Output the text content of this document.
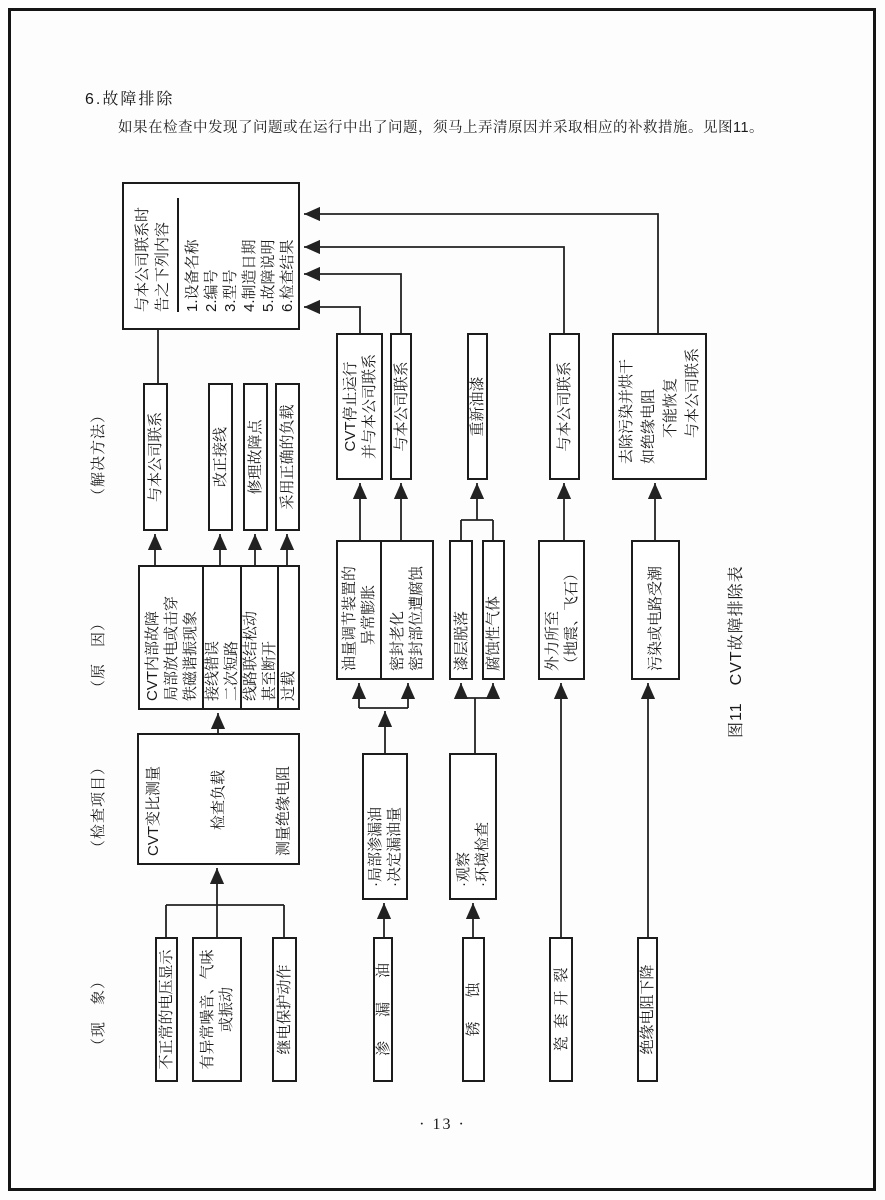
6.故障排除
如果在检查中发现了问题或在运行中出了问题，须马上弄清原因并采取相应的补救措施。见图11。
（现　象）
（检查项目）
（原　因）
（解决方法）
与本公司联系时 告之下列内容 1.设备名称 2.编号 3.型号 4.制造日期 5.故障说明 6.检查结果
与本公司联系	改正接线 修理故障点 采用正确的负载
CVT内部故障 局部放电或击穿 铁磁谐振现象 接线错误 二次短路 线路联结松动 甚至断开 过载
CVT变比测量	检查负载	测量绝缘电阻
不正常的电压显示 有异常噪音、气味 或振动	继电保护动作
CVT停止运行 并与本公司联系 与本公司联系
油量调节装置的 异常膨胀 密封老化 密封部位遭腐蚀
·局部渗漏油 ·决定漏油量
渗漏油
重新油漆
漆层脱落 腐蚀性气体
·观察 ·环境检查
锈蚀
与本公司联系
外力所至 （地震、飞石）
瓷套开裂
去除污染并烘干 如绝缘电阻 不能恢复 与本公司联系
污染或电路受潮
绝缘电阻下降
图11　CVT故障排除表
· 13 ·
